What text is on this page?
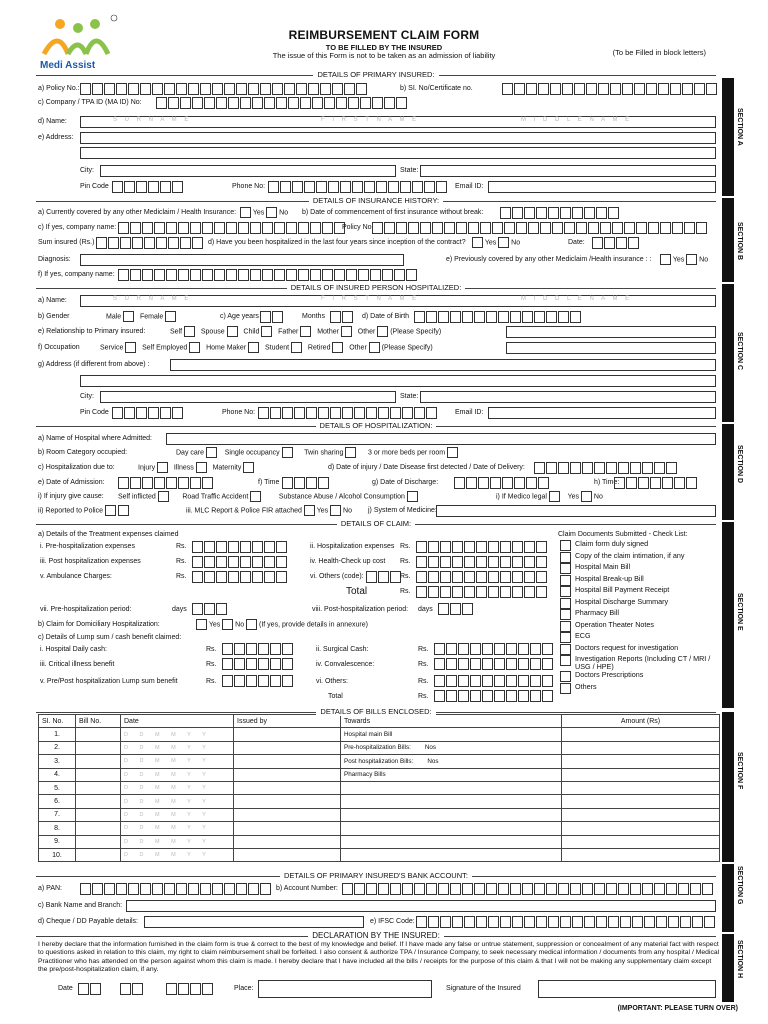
Medi Assist
REIMBURSEMENT CLAIM FORM
TO BE FILLED BY THE INSURED
The issue of this Form is not to be taken as an admission of liability	(To be Filled in block letters)
SECTION A
SECTION B
SECTION C
SECTION D
SECTION E
SECTION F
SECTION G
SECTION H
DETAILS OF PRIMARY INSURED:
a) Policy No.:	b) SI. No/Certificate no.
c) Company / TPA ID (MA ID) No:
d) Name:	S U R N A M E	F I R S T N A M E	M I D D L E N A M E
e) Address:
City:	State:
Pin Code	Phone No:	Email ID:
DETAILS OF INSURANCE HISTORY:
a) Currently covered by any other Mediclaim / Health Insurance:	Yes No b) Date of commencement of first insurance without break:
c) If yes, company name:	Policy No.
Sum insured (Rs.)	d) Have you been hospitalized in the last four years since inception of the contract?	Yes No	Date:
Diagnosis:	e) Previously covered by any other Mediclaim /Health insurance : :	Yes No
f) If yes, company name:
DETAILS OF INSURED PERSON HOSPITALIZED:
a) Name:	S U R N A M E	F I R S T N A M E	M I D D L E N A M E
b) Gender	Male	Female	c) Age years	Months	d) Date of Birth
e) Relationship to Primary insured:	Self	Spouse	Child	Father	Mother	Other (Please Specify)
f) Occupation	Service	Self Employed	Home Maker	Student	Retired	Other (Please Specify)
g) Address (if different from above) :
City:	State:
Pin Code	Phone No:	Email ID:
DETAILS OF HOSPITALIZATION:
a) Name of Hospital where Admitted:
b) Room Category occupied:	Day care	Single occupancy	Twin sharing	3 or more beds per room
c) Hospitalization due to:	Injury	Illness	Maternity	d) Date of injury / Date Disease first detected / Date of Delivery:
e) Date of Admission:	f) Time	g) Date of Discharge:	h) Time:
i) If injury give cause: Self inflicted	Road Traffic Accident	Substance Abuse / Alcohol Consumption	i) If Medico legal	Yes No
ii) Reported to Police	iii. MLC Report & Police FIR attached Yes No j) System of Medicine:
DETAILS OF CLAIM:
a) Details of the Treatment expenses claimed	Claim Documents Submitted - Check List:
i. Pre-hospitalization expenses	Rs.
iii. Post hospitalization expenses	Rs.
v. Ambulance Charges:	Rs.
ii. Hospitalization expenses Rs.
iv. Health-Check up cost Rs.
vi. Others (code):	Rs.
Total	Rs.
vii. Pre-hospitalization period:	days	viii. Post-hospitalization period: days
b) Claim for Domiciliary Hospitalization:	Yes No (If yes, provide details in annexure)
c) Details of Lump sum / cash benefit claimed:
i. Hospital Daily cash:	Rs.
iii. Critical illness benefit	Rs.
v. Pre/Post hospitalization Lump sum benefit	Rs.
ii. Surgical Cash:	Rs.
iv. Convalescence:	Rs.
vi. Others:	Rs.
Total	Rs.
Claim form duly signed
Copy of the claim intimation, if any
Hospital Main Bill
Hospital Break-up Bill
Hospital Bill Payment Receipt
Hospital Discharge Summary
Pharmacy Bill
Operation Theater Notes
ECG
Doctors request for investigation
Investigation Reports (Including CT / MRI / USG / HPE)
Doctors Prescriptions
Others
DETAILS OF BILLS ENCLOSED:
SI. No.	Bill No.	Date	Issued by	Towards	Amount (Rs)
1.		D D M M Y Y		Hospital main Bill	
2.		D D M M Y Y		Pre-hospitalization Bills: Nos	
3.		D D M M Y Y		Post hospitalization Bills: Nos	
4.		D D M M Y Y		Pharmacy Bills	
5.		D D M M Y Y			
6.		D D M M Y Y			
7.		D D M M Y Y			
8.		D D M M Y Y			
9.		D D M M Y Y			
10.		D D M M Y Y			
DETAILS OF PRIMARY INSURED'S BANK ACCOUNT:
a) PAN:	b) Account Number:
c) Bank Name and Branch:
d) Cheque / DD Payable details:	e) IFSC Code:
DECLARATION BY THE INSURED:
I hereby declare that the information furnished in the claim form is true & correct to the best of my knowledge and belief. If I have made any false or untrue statement, suppression or concealment of any material fact with respect to questions asked in relation to this claim, my right to claim reimbursement shall be forfeited. I also consent & authorize TPA / Insurance Company, to seek necessary medical information / documents from any hospital / Medical Practitioner who has attended on the person against whom this claim is made. I hereby declare that I have included all the bills / receipts for the purpose of this claim & that I will not be making any supplementary claim except the pre/post-hospitalization claim, if any.
Date	Place:	Signature of the Insured
(IMPORTANT: PLEASE TURN OVER)
